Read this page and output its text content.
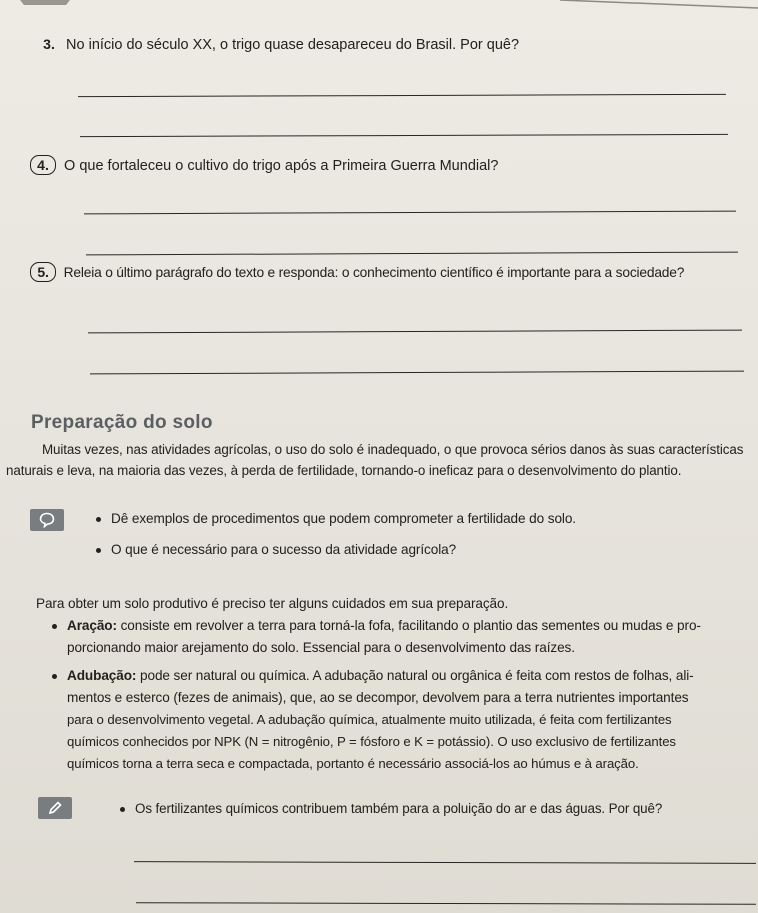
3. No início do século XX, o trigo quase desapareceu do Brasil. Por quê?
4. O que fortaleceu o cultivo do trigo após a Primeira Guerra Mundial?
5. Releia o último parágrafo do texto e responda: o conhecimento científico é importante para a sociedade?
Preparação do solo
Muitas vezes, nas atividades agrícolas, o uso do solo é inadequado, o que provoca sérios danos às suas características
naturais e leva, na maioria das vezes, à perda de fertilidade, tornando-o ineficaz para o desenvolvimento do plantio.
Dê exemplos de procedimentos que podem comprometer a fertilidade do solo.
O que é necessário para o sucesso da atividade agrícola?
Para obter um solo produtivo é preciso ter alguns cuidados em sua preparação.
Aração: consiste em revolver a terra para torná-la fofa, facilitando o plantio das sementes ou mudas e pro-
porcionando maior arejamento do solo. Essencial para o desenvolvimento das raízes.
Adubação: pode ser natural ou química. A adubação natural ou orgânica é feita com restos de folhas, ali-
mentos e esterco (fezes de animais), que, ao se decompor, devolvem para a terra nutrientes importantes
para o desenvolvimento vegetal. A adubação química, atualmente muito utilizada, é feita com fertilizantes
químicos conhecidos por NPK (N = nitrogênio, P = fósforo e K = potássio). O uso exclusivo de fertilizantes
químicos torna a terra seca e compactada, portanto é necessário associá-los ao húmus e à aração.
Os fertilizantes químicos contribuem também para a poluição do ar e das águas. Por quê?
